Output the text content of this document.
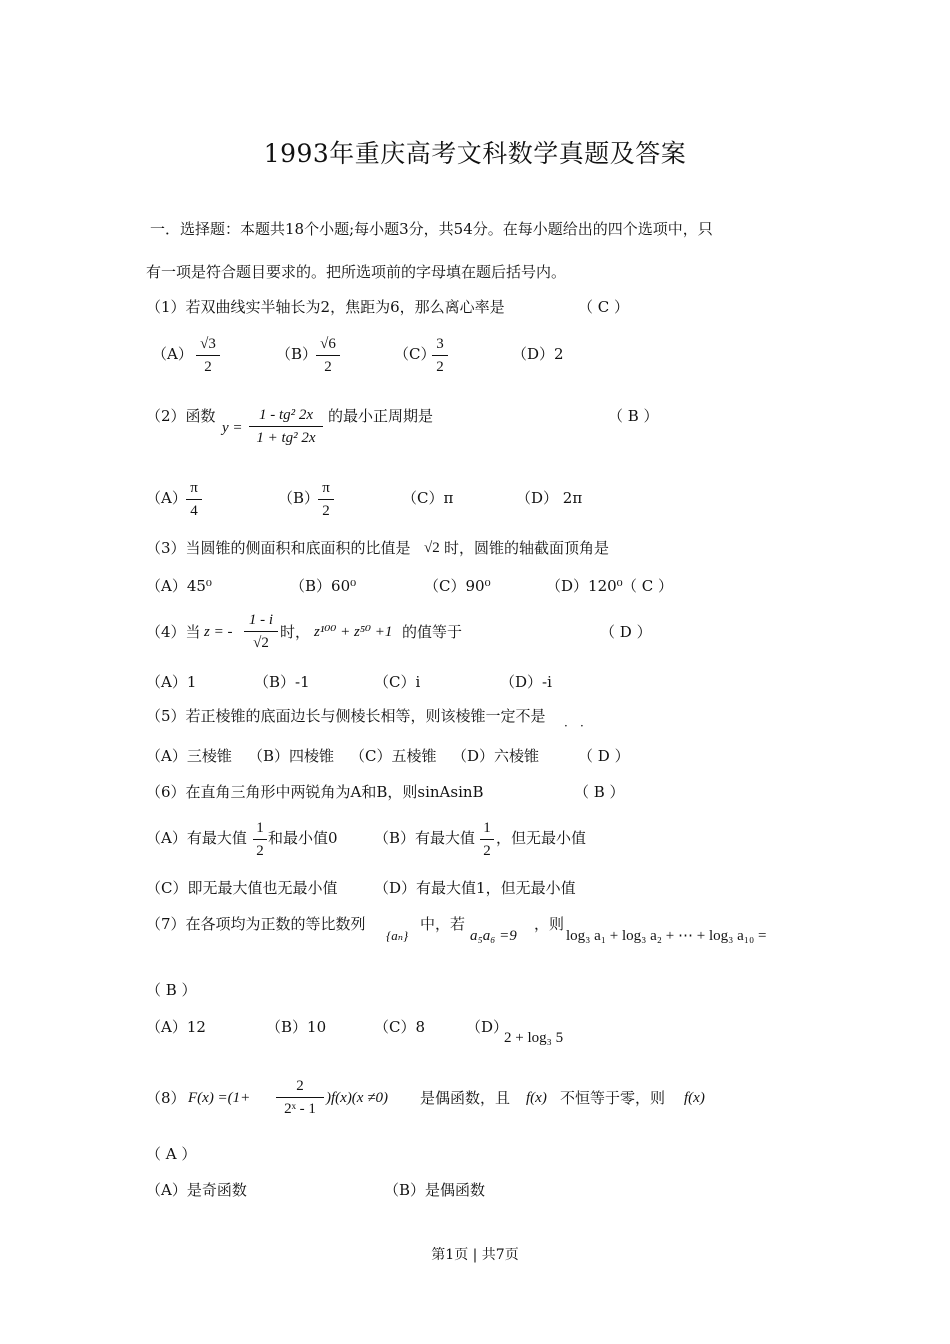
1993年重庆高考文科数学真题及答案
一．选择题：本题共18个小题;每小题3分，共54分。在每小题给出的四个选项中，只
有一项是符合题目要求的。把所选项前的字母填在题后括号内。
（1）若双曲线实半轴长为2，焦距为6，那么离心率是	（ C ）
（A）
√3
2
（B）
√6
2
（C）
3
2
（D）2
（2）函数
y =
1 - tg² 2x
1 + tg² 2x
的最小正周期是	（ B ）
（A）
π
4
（B）
π
2
（C）π	（D） 2π
（3）当圆锥的侧面积和底面积的比值是 √2 时，圆锥的轴截面顶角是
（A）45⁰	（B）60⁰	（C）90⁰	（D）120⁰ （ C ）
（4）当 z = -
1 - i
√2
时， z¹⁰⁰ + z⁵⁰ +1 的值等于	（ D ）
（A）1	（B）-1	（C）i	（D）-i
（5）若正棱锥的底面边长与侧棱长相等，则该棱锥一定不是
· ·
（A）三棱锥 （B）四棱锥 （C）五棱锥 （D）六棱锥	（ D ）
（6）在直角三角形中两锐角为A和B，则sinAsinB	（ B ）
（A）有最大值
1
2
和最小值0 （B）有最大值
1
2
，但无最小值
（C）即无最大值也无最小值 （D）有最大值1，但无最小值
（7）在各项均为正数的等比数列
{aₙ}
中，若
a₅a₆ =9
，则
log₃ a₁ + log₃ a₂ + ⋯ + log₃ a₁₀ =
（ B ）
（A）12	（B）10	（C）8	（D）
2 + log₃ 5
（8） F(x) =(1+
2
2ˣ - 1
)f(x)(x ≠0) 是偶函数，且 f(x) 不恒等于零，则 f(x)
（ A ）
（A）是奇函数	（B）是偶函数
第1页 | 共7页
